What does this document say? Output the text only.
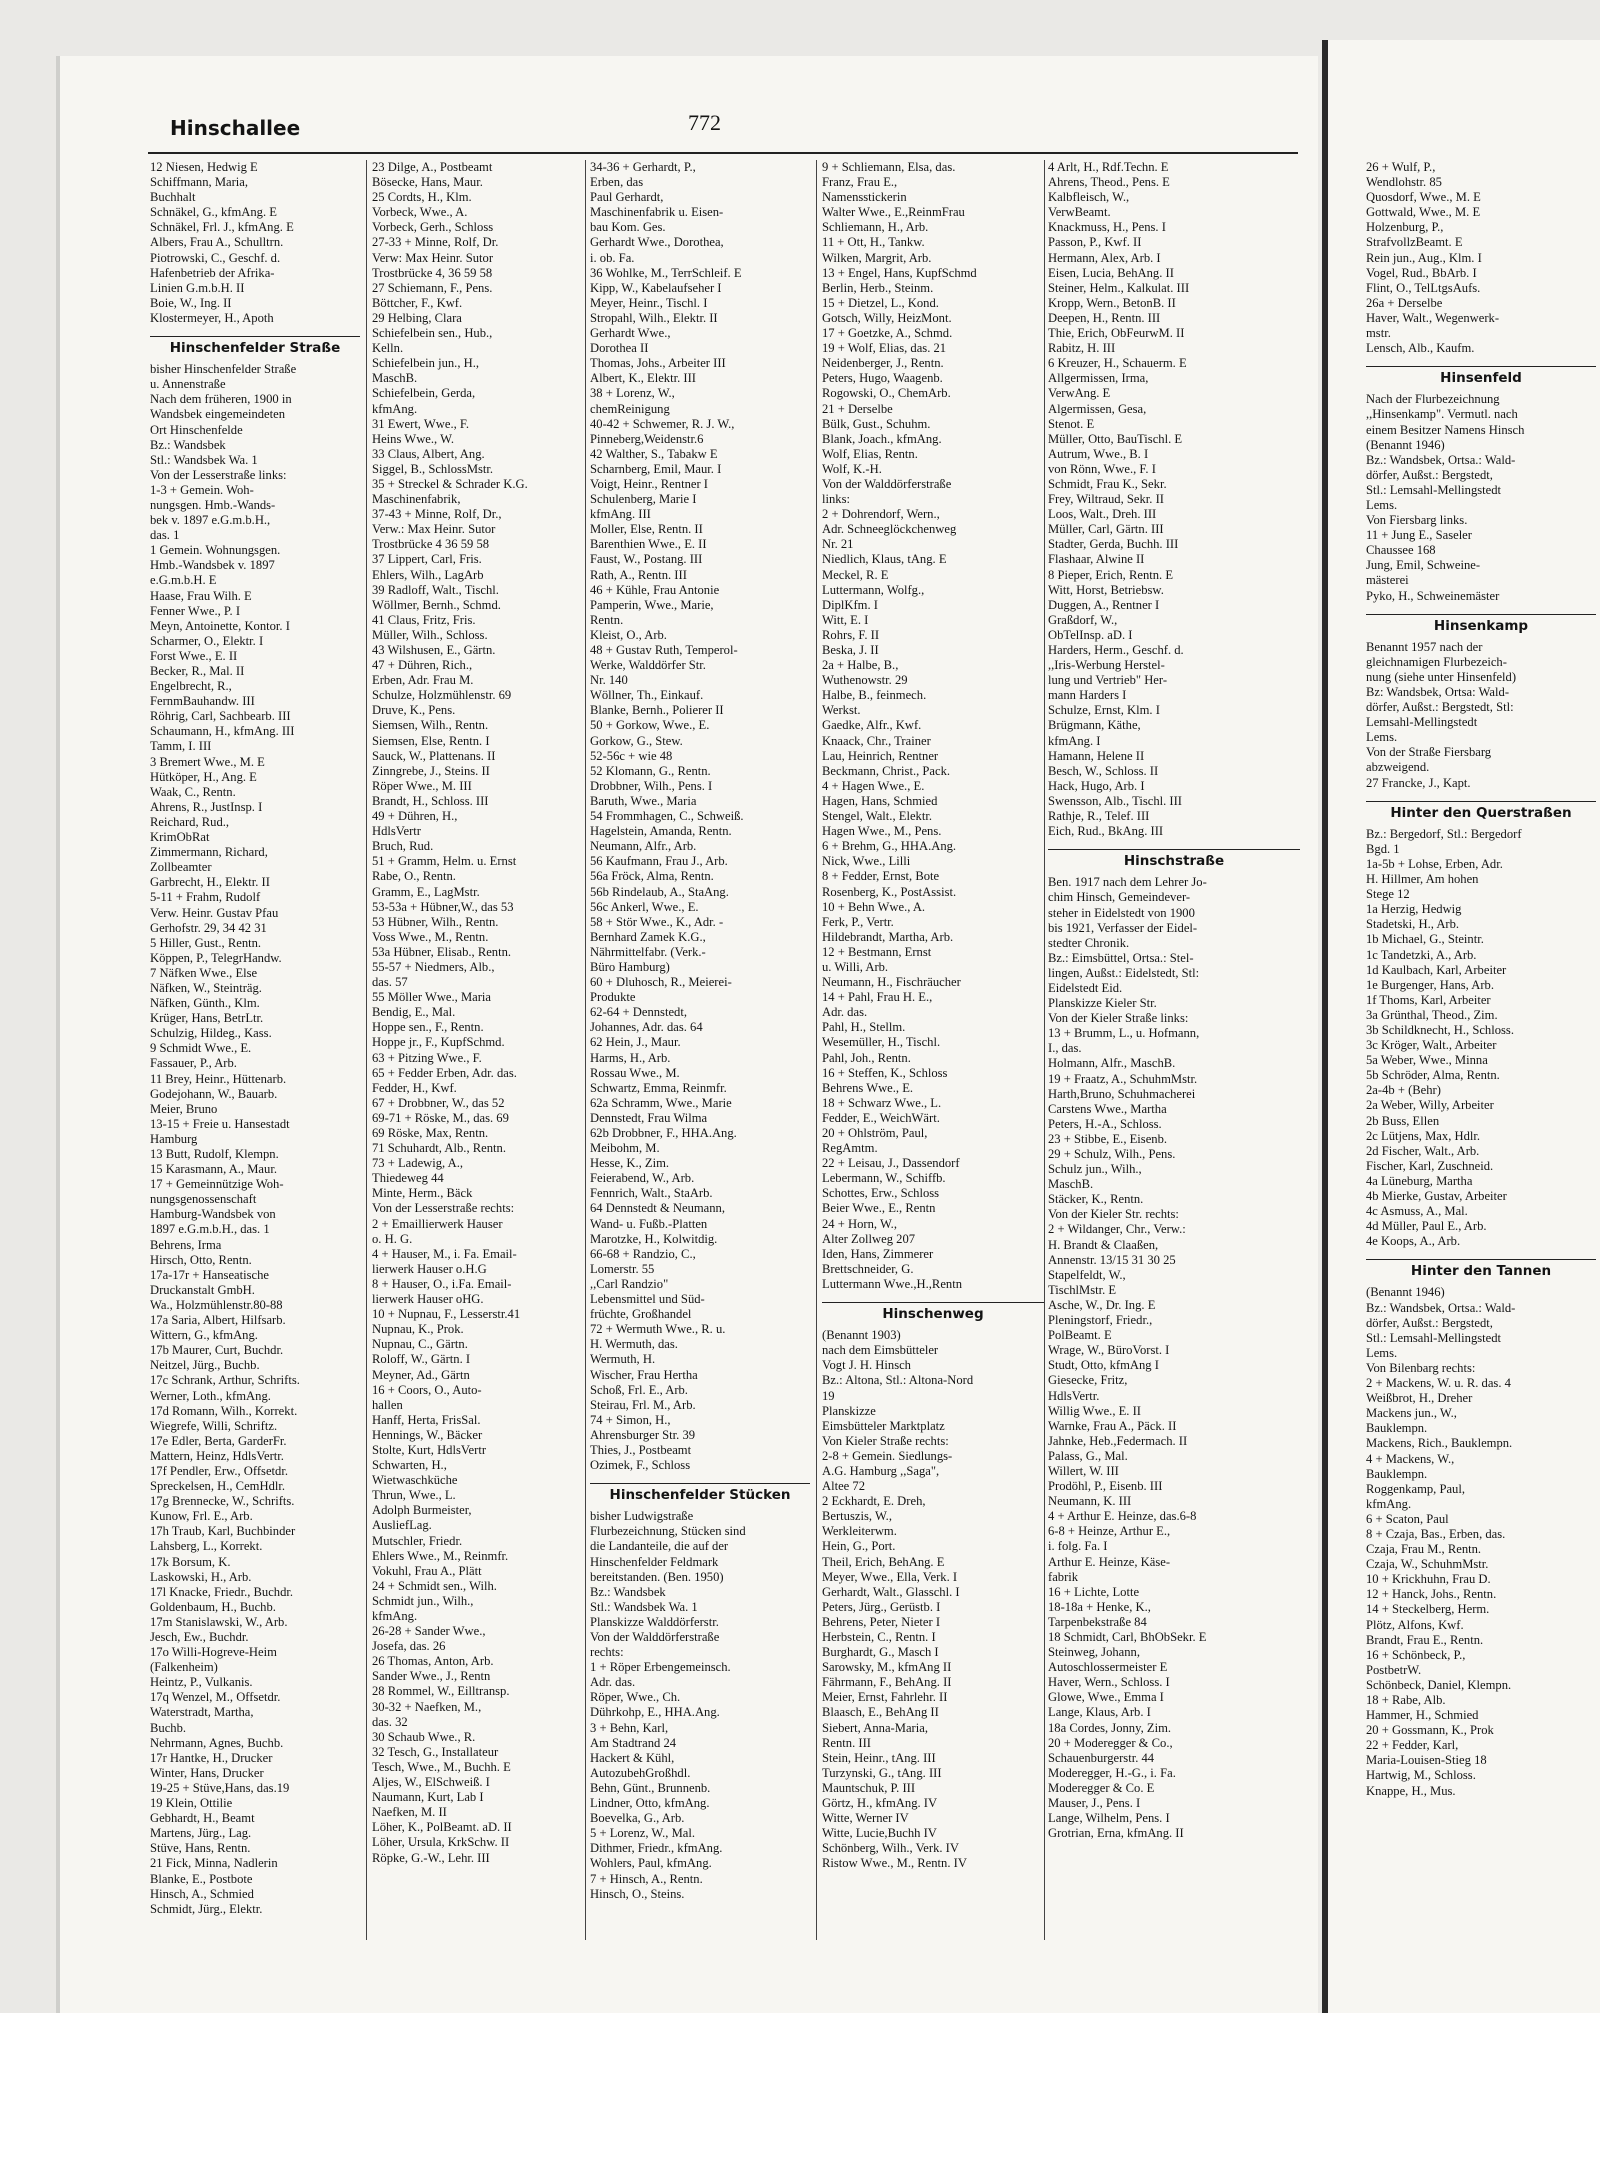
Hinschallee	772
12 Niesen, Hedwig E
Schiffmann, Maria,
Buchhalt
Schnäkel, G., kfmAng. E
Schnäkel, Frl. J., kfmAng. E
Albers, Frau A., Schulltrn.
Piotrowski, C., Geschf. d.
Hafenbetrieb der Afrika-
Linien G.m.b.H. II
Boie, W., Ing. II
Klostermeyer, H., Apoth
Hinschenfelder Straße
bisher Hinschenfelder Straße
u. Annenstraße
Nach dem früheren, 1900 in
Wandsbek eingemeindeten
Ort Hinschenfelde
Bz.: Wandsbek
Stl.: Wandsbek Wa. 1
Von der Lesserstraße links:
1-3 + Gemein. Woh-
nungsgen. Hmb.-Wands-
bek v. 1897 e.G.m.b.H.,
das. 1
1 Gemein. Wohnungsgen.
Hmb.-Wandsbek v. 1897
e.G.m.b.H. E
Haase, Frau Wilh. E
Fenner Wwe., P. I
Meyn, Antoinette, Kontor. I
Scharmer, O., Elektr. I
Forst Wwe., E. II
Becker, R., Mal. II
Engelbrecht, R.,
FernmBauhandw. III
Röhrig, Carl, Sachbearb. III
Schaumann, H., kfmAng. III
Tamm, I. III
3 Bremert Wwe., M. E
Hütköper, H., Ang. E
Waak, C., Rentn.
Ahrens, R., JustInsp. I
Reichard, Rud.,
KrimObRat
Zimmermann, Richard,
Zollbeamter
Garbrecht, H., Elektr. II
5-11 + Frahm, Rudolf
Verw. Heinr. Gustav Pfau
Gerhofstr. 29, 34 42 31
5 Hiller, Gust., Rentn.
Köppen, P., TelegrHandw.
7 Näfken Wwe., Else
Näfken, W., Steinträg.
Näfken, Günth., Klm.
Krüger, Hans, BetrLtr.
Schulzig, Hildeg., Kass.
9 Schmidt Wwe., E.
Fassauer, P., Arb.
11 Brey, Heinr., Hüttenarb.
Godejohann, W., Bauarb.
Meier, Bruno
13-15 + Freie u. Hansestadt
Hamburg
13 Butt, Rudolf, Klempn.
15 Karasmann, A., Maur.
17 + Gemeinnützige Woh-
nungsgenossenschaft
Hamburg-Wandsbek von
1897 e.G.m.b.H., das. 1
Behrens, Irma
Hirsch, Otto, Rentn.
17a-17r + Hanseatische
Druckanstalt GmbH.
Wa., Holzmühlenstr.80-88
17a Saria, Albert, Hilfsarb.
Wittern, G., kfmAng.
17b Maurer, Curt, Buchdr.
Neitzel, Jürg., Buchb.
17c Schrank, Arthur, Schrifts.
Werner, Loth., kfmAng.
17d Romann, Wilh., Korrekt.
Wiegrefe, Willi, Schriftz.
17e Edler, Berta, GarderFr.
Mattern, Heinz, HdlsVertr.
17f Pendler, Erw., Offsetdr.
Spreckelsen, H., CemHdlr.
17g Brennecke, W., Schrifts.
Kunow, Frl. E., Arb.
17h Traub, Karl, Buchbinder
Lahsberg, L., Korrekt.
17k Borsum, K.
Laskowski, H., Arb.
17l Knacke, Friedr., Buchdr.
Goldenbaum, H., Buchb.
17m Stanislawski, W., Arb.
Jesch, Ew., Buchdr.
17o Willi-Hogreve-Heim
(Falkenheim)
Heintz, P., Vulkanis.
17q Wenzel, M., Offsetdr.
Waterstradt, Martha,
Buchb.
Nehrmann, Agnes, Buchb.
17r Hantke, H., Drucker
Winter, Hans, Drucker
19-25 + Stüve,Hans, das.19
19 Klein, Ottilie
Gebhardt, H., Beamt
Martens, Jürg., Lag.
Stüve, Hans, Rentn.
21 Fick, Minna, Nadlerin
Blanke, E., Postbote
Hinsch, A., Schmied
Schmidt, Jürg., Elektr.
23 Dilge, A., Postbeamt
Bösecke, Hans, Maur.
25 Cordts, H., Klm.
Vorbeck, Wwe., A.
Vorbeck, Gerh., Schloss
27-33 + Minne, Rolf, Dr.
Verw: Max Heinr. Sutor
Trostbrücke 4, 36 59 58
27 Schiemann, F., Pens.
Böttcher, F., Kwf.
29 Helbing, Clara
Schiefelbein sen., Hub.,
Kelln.
Schiefelbein jun., H.,
MaschB.
Schiefelbein, Gerda,
kfmAng.
31 Ewert, Wwe., F.
Heins Wwe., W.
33 Claus, Albert, Ang.
Siggel, B., SchlossMstr.
35 + Streckel & Schrader K.G.
Maschinenfabrik,
37-43 + Minne, Rolf, Dr.,
Verw.: Max Heinr. Sutor
Trostbrücke 4 36 59 58
37 Lippert, Carl, Fris.
Ehlers, Wilh., LagArb
39 Radloff, Walt., Tischl.
Wöllmer, Bernh., Schmd.
41 Claus, Fritz, Fris.
Müller, Wilh., Schloss.
43 Wilshusen, E., Gärtn.
47 + Dühren, Rich.,
Erben, Adr. Frau M.
Schulze, Holzmühlenstr. 69
Druve, K., Pens.
Siemsen, Wilh., Rentn.
Siemsen, Else, Rentn. I
Sauck, W., Plattenans. II
Zinngrebe, J., Steins. II
Röper Wwe., M. III
Brandt, H., Schloss. III
49 + Dühren, H.,
HdlsVertr
Bruch, Rud.
51 + Gramm, Helm. u. Ernst
Rabe, O., Rentn.
Gramm, E., LagMstr.
53-53a + Hübner,W., das 53
53 Hübner, Wilh., Rentn.
Voss Wwe., M., Rentn.
53a Hübner, Elisab., Rentn.
55-57 + Niedmers, Alb.,
das. 57
55 Möller Wwe., Maria
Bendig, E., Mal.
Hoppe sen., F., Rentn.
Hoppe jr., F., KupfSchmd.
63 + Pitzing Wwe., F.
65 + Fedder Erben, Adr. das.
Fedder, H., Kwf.
67 + Drobbner, W., das 52
69-71 + Röske, M., das. 69
69 Röske, Max, Rentn.
71 Schuhardt, Alb., Rentn.
73 + Ladewig, A.,
Thiedeweg 44
Minte, Herm., Bäck
Von der Lesserstraße rechts:
2 + Emaillierwerk Hauser
o. H. G.
4 + Hauser, M., i. Fa. Email-
lierwerk Hauser o.H.G
8 + Hauser, O., i.Fa. Email-
lierwerk Hauser oHG.
10 + Nupnau, F., Lesserstr.41
Nupnau, K., Prok.
Nupnau, C., Gärtn.
Roloff, W., Gärtn. I
Meyner, Ad., Gärtn
16 + Coors, O., Auto-
hallen
Hanff, Herta, FrisSal.
Hennings, W., Bäcker
Stolte, Kurt, HdlsVertr
Schwarten, H.,
Wietwaschküche
Thrun, Wwe., L.
Adolph Burmeister,
AusliefLag.
Mutschler, Friedr.
Ehlers Wwe., M., Reinmfr.
Vokuhl, Frau A., Plätt
24 + Schmidt sen., Wilh.
Schmidt jun., Wilh.,
kfmAng.
26-28 + Sander Wwe.,
Josefa, das. 26
26 Thomas, Anton, Arb.
Sander Wwe., J., Rentn
28 Rommel, W., Eilltransp.
30-32 + Naefken, M.,
das. 32
30 Schaub Wwe., R.
32 Tesch, G., Installateur
Tesch, Wwe., M., Buchh. E
Aljes, W., ElSchweiß. I
Naumann, Kurt, Lab I
Naefken, M. II
Löher, K., PolBeamt. aD. II
Löher, Ursula, KrkSchw. II
Röpke, G.-W., Lehr. III
34-36 + Gerhardt, P.,
Erben, das
Paul Gerhardt,
Maschinenfabrik u. Eisen-
bau Kom. Ges.
Gerhardt Wwe., Dorothea,
i. ob. Fa.
36 Wohlke, M., TerrSchleif. E
Kipp, W., Kabelaufseher I
Meyer, Heinr., Tischl. I
Stropahl, Wilh., Elektr. II
Gerhardt Wwe.,
Dorothea II
Thomas, Johs., Arbeiter III
Albert, K., Elektr. III
38 + Lorenz, W.,
chemReinigung
40-42 + Schwemer, R. J. W.,
Pinneberg,Weidenstr.6
42 Walther, S., Tabakw E
Scharnberg, Emil, Maur. I
Voigt, Heinr., Rentner I
Schulenberg, Marie I
kfmAng. III
Moller, Else, Rentn. II
Barenthien Wwe., E. II
Faust, W., Postang. III
Rath, A., Rentn. III
46 + Kühle, Frau Antonie
Pamperin, Wwe., Marie,
Rentn.
Kleist, O., Arb.
48 + Gustav Ruth, Temperol-
Werke, Walddörfer Str.
Nr. 140
Wöllner, Th., Einkauf.
Blanke, Bernh., Polierer II
50 + Gorkow, Wwe., E.
Gorkow, G., Stew.
52-56c + wie 48
52 Klomann, G., Rentn.
Drobbner, Wilh., Pens. I
Baruth, Wwe., Maria
54 Frommhagen, C., Schweiß.
Hagelstein, Amanda, Rentn.
Neumann, Alfr., Arb.
56 Kaufmann, Frau J., Arb.
56a Fröck, Alma, Rentn.
56b Rindelaub, A., StaAng.
56c Ankerl, Wwe., E.
58 + Stör Wwe., K., Adr. -
Bernhard Zamek K.G.,
Nährmittelfabr. (Verk.-
Büro Hamburg)
60 + Dluhosch, R., Meierei-
Produkte
62-64 + Dennstedt,
Johannes, Adr. das. 64
62 Hein, J., Maur.
Harms, H., Arb.
Rossau Wwe., M.
Schwartz, Emma, Reinmfr.
62a Schramm, Wwe., Marie
Dennstedt, Frau Wilma
62b Drobbner, F., HHA.Ang.
Meibohm, M.
Hesse, K., Zim.
Feierabend, W., Arb.
Fennrich, Walt., StaArb.
64 Dennstedt & Neumann,
Wand- u. Fußb.-Platten
Marotzke, H., Kolwitdig.
66-68 + Randzio, C.,
Lomerstr. 55
,,Carl Randzio"
Lebensmittel und Süd-
früchte, Großhandel
72 + Wermuth Wwe., R. u.
H. Wermuth, das.
Wermuth, H.
Wischer, Frau Hertha
Schoß, Frl. E., Arb.
Steirau, Frl. M., Arb.
74 + Simon, H.,
Ahrensburger Str. 39
Thies, J., Postbeamt
Ozimek, F., Schloss
Hinschenfelder Stücken
bisher Ludwigstraße
Flurbezeichnung, Stücken sind
die Landanteile, die auf der
Hinschenfelder Feldmark
bereitstanden. (Ben. 1950)
Bz.: Wandsbek
Stl.: Wandsbek Wa. 1
Planskizze Walddörferstr.
Von der Walddörferstraße
rechts:
1 + Röper Erbengemeinsch.
Adr. das.
Röper, Wwe., Ch.
Dührkohp, E., HHA.Ang.
3 + Behn, Karl,
Am Stadtrand 24
Hackert & Kühl,
AutozubehGroßhdl.
Behn, Günt., Brunnenb.
Lindner, Otto, kfmAng.
Boevelka, G., Arb.
5 + Lorenz, W., Mal.
Dithmer, Friedr., kfmAng.
Wohlers, Paul, kfmAng.
7 + Hinsch, A., Rentn.
Hinsch, O., Steins.
9 + Schliemann, Elsa, das.
Franz, Frau E.,
Namensstickerin
Walter Wwe., E.,ReinmFrau
Schliemann, H., Arb.
11 + Ott, H., Tankw.
Wilken, Margrit, Arb.
13 + Engel, Hans, KupfSchmd
Berlin, Herb., Steinm.
15 + Dietzel, L., Kond.
Gotsch, Willy, HeizMont.
17 + Goetzke, A., Schmd.
19 + Wolf, Elias, das. 21
Neidenberger, J., Rentn.
Peters, Hugo, Waagenb.
Rogowski, O., ChemArb.
21 + Derselbe
Bülk, Gust., Schuhm.
Blank, Joach., kfmAng.
Wolf, Elias, Rentn.
Wolf, K.-H.
Von der Walddörferstraße
links:
2 + Dohrendorf, Wern.,
Adr. Schneeglöckchenweg
Nr. 21
Niedlich, Klaus, tAng. E
Meckel, R. E
Luttermann, Wolfg.,
DiplKfm. I
Witt, E. I
Rohrs, F. II
Beska, J. II
2a + Halbe, B.,
Wuthenowstr. 29
Halbe, B., feinmech.
Werkst.
Gaedke, Alfr., Kwf.
Knaack, Chr., Trainer
Lau, Heinrich, Rentner
Beckmann, Christ., Pack.
4 + Hagen Wwe., E.
Hagen, Hans, Schmied
Stengel, Walt., Elektr.
Hagen Wwe., M., Pens.
6 + Brehm, G., HHA.Ang.
Nick, Wwe., Lilli
8 + Fedder, Ernst, Bote
Rosenberg, K., PostAssist.
10 + Behn Wwe., A.
Ferk, P., Vertr.
Hildebrandt, Martha, Arb.
12 + Bestmann, Ernst
u. Willi, Arb.
Neumann, H., Fischräucher
14 + Pahl, Frau H. E.,
Adr. das.
Pahl, H., Stellm.
Wesemüller, H., Tischl.
Pahl, Joh., Rentn.
16 + Steffen, K., Schloss
Behrens Wwe., E.
18 + Schwarz Wwe., L.
Fedder, E., WeichWärt.
20 + Ohlström, Paul,
RegAmtm.
22 + Leisau, J., Dassendorf
Lebermann, W., Schiffb.
Schottes, Erw., Schloss
Beier Wwe., E., Rentn
24 + Horn, W.,
Alter Zollweg 207
Iden, Hans, Zimmerer
Brettschneider, G.
Luttermann Wwe.,H.,Rentn
Hinschenweg
(Benannt 1903)
nach dem Eimsbütteler
Vogt J. H. Hinsch
Bz.: Altona, Stl.: Altona-Nord
19
Planskizze
Eimsbütteler Marktplatz
Von Kieler Straße rechts:
2-8 + Gemein. Siedlungs-
A.G. Hamburg ,,Saga",
Altee 72
2 Eckhardt, E. Dreh,
Bertuszis, W.,
Werkleiterwm.
Hein, G., Port.
Theil, Erich, BehAng. E
Meyer, Wwe., Ella, Verk. I
Gerhardt, Walt., Glasschl. I
Peters, Jürg., Gerüstb. I
Behrens, Peter, Nieter I
Herbstein, C., Rentn. I
Burghardt, G., Masch I
Sarowsky, M., kfmAng II
Fährmann, F., BehAng. II
Meier, Ernst, Fahrlehr. II
Blaasch, E., BehAng II
Siebert, Anna-Maria,
Rentn. III
Stein, Heinr., tAng. III
Turzynski, G., tAng. III
Mauntschuk, P. III
Görtz, H., kfmAng. IV
Witte, Werner IV
Witte, Lucie,Buchh IV
Schönberg, Wilh., Verk. IV
Ristow Wwe., M., Rentn. IV
4 Arlt, H., Rdf.Techn. E
Ahrens, Theod., Pens. E
Kalbfleisch, W.,
VerwBeamt.
Knackmuss, H., Pens. I
Passon, P., Kwf. II
Hermann, Alex, Arb. I
Eisen, Lucia, BehAng. II
Steiner, Helm., Kalkulat. III
Kropp, Wern., BetonB. II
Deepen, H., Rentn. III
Thie, Erich, ObFeurwM. II
Rabitz, H. III
6 Kreuzer, H., Schauerm. E
Allgermissen, Irma,
VerwAng. E
Algermissen, Gesa,
Stenot. E
Müller, Otto, BauTischl. E
Autrum, Wwe., B. I
von Rönn, Wwe., F. I
Schmidt, Frau K., Sekr.
Frey, Wiltraud, Sekr. II
Loos, Walt., Dreh. III
Müller, Carl, Gärtn. III
Stadter, Gerda, Buchh. III
Flashaar, Alwine II
8 Pieper, Erich, Rentn. E
Witt, Horst, Betriebsw.
Duggen, A., Rentner I
Graßdorf, W.,
ObTelInsp. aD. I
Harders, Herm., Geschf. d.
,,Iris-Werbung Herstel-
lung und Vertrieb" Her-
mann Harders I
Schulze, Ernst, Klm. I
Brügmann, Käthe,
kfmAng. I
Hamann, Helene II
Besch, W., Schloss. II
Hack, Hugo, Arb. I
Swensson, Alb., Tischl. III
Rathje, R., Telef. III
Eich, Rud., BkAng. III
Hinschstraße
Ben. 1917 nach dem Lehrer Jo-
chim Hinsch, Gemeindever-
steher in Eidelstedt von 1900
bis 1921, Verfasser der Eidel-
stedter Chronik.
Bz.: Eimsbüttel, Ortsa.: Stel-
lingen, Außst.: Eidelstedt, Stl:
Eidelstedt Eid.
Planskizze Kieler Str.
Von der Kieler Straße links:
13 + Brumm, L., u. Hofmann,
I., das.
Holmann, Alfr., MaschB.
19 + Fraatz, A., SchuhmMstr.
Harth,Bruno, Schuhmacherei
Carstens Wwe., Martha
Peters, H.-A., Schloss.
23 + Stibbe, E., Eisenb.
29 + Schulz, Wilh., Pens.
Schulz jun., Wilh.,
MaschB.
Stäcker, K., Rentn.
Von der Kieler Str. rechts:
2 + Wildanger, Chr., Verw.:
H. Brandt & Claaßen,
Annenstr. 13/15 31 30 25
Stapelfeldt, W.,
TischlMstr. E
Asche, W., Dr. Ing. E
Pleningstorf, Friedr.,
PolBeamt. E
Wrage, W., BüroVorst. I
Studt, Otto, kfmAng I
Giesecke, Fritz,
HdlsVertr.
Willig Wwe., E. II
Warnke, Frau A., Päck. II
Jahnke, Heb.,Federmach. II
Palass, G., Mal.
Willert, W. III
Prodöhl, P., Eisenb. III
Neumann, K. III
4 + Arthur E. Heinze, das.6-8
6-8 + Heinze, Arthur E.,
i. folg. Fa. I
Arthur E. Heinze, Käse-
fabrik
16 + Lichte, Lotte
18-18a + Henke, K.,
Tarpenbekstraße 84
18 Schmidt, Carl, BhObSekr. E
Steinweg, Johann,
Autoschlossermeister E
Haver, Wern., Schloss. I
Glowe, Wwe., Emma I
Lange, Klaus, Arb. I
18a Cordes, Jonny, Zim.
20 + Moderegger & Co.,
Schauenburgerstr. 44
Moderegger, H.-G., i. Fa.
Moderegger & Co. E
Mauser, J., Pens. I
Lange, Wilhelm, Pens. I
Grotrian, Erna, kfmAng. II
26 + Wulf, P.,
Wendlohstr. 85
Quosdorf, Wwe., M. E
Gottwald, Wwe., M. E
Holzenburg, P.,
StrafvollzBeamt. E
Rein jun., Aug., Klm. I
Vogel, Rud., BbArb. I
Flint, O., TelLtgsAufs.
26a + Derselbe
Haver, Walt., Wegenwerk-
mstr.
Lensch, Alb., Kaufm.
Hinsenfeld
Nach der Flurbezeichnung
,,Hinsenkamp". Vermutl. nach
einem Besitzer Namens Hinsch
(Benannt 1946)
Bz.: Wandsbek, Ortsa.: Wald-
dörfer, Außst.: Bergstedt,
Stl.: Lemsahl-Mellingstedt
Lems.
Von Fiersbarg links.
11 + Jung E., Saseler
Chaussee 168
Jung, Emil, Schweine-
mästerei
Pyko, H., Schweinemäster
Hinsenkamp
Benannt 1957 nach der
gleichnamigen Flurbezeich-
nung (siehe unter Hinsenfeld)
Bz: Wandsbek, Ortsa: Wald-
dörfer, Außst.: Bergstedt, Stl:
Lemsahl-Mellingstedt
Lems.
Von der Straße Fiersbarg
abzweigend.
27 Francke, J., Kapt.
Hinter den Querstraßen
Bz.: Bergedorf, Stl.: Bergedorf
Bgd. 1
1a-5b + Lohse, Erben, Adr.
H. Hillmer, Am hohen
Stege 12
1a Herzig, Hedwig
Stadetski, H., Arb.
1b Michael, G., Steintr.
1c Tandetzki, A., Arb.
1d Kaulbach, Karl, Arbeiter
1e Burgenger, Hans, Arb.
1f Thoms, Karl, Arbeiter
3a Grünthal, Theod., Zim.
3b Schildknecht, H., Schloss.
3c Kröger, Walt., Arbeiter
5a Weber, Wwe., Minna
5b Schröder, Alma, Rentn.
2a-4b + (Behr)
2a Weber, Willy, Arbeiter
2b Buss, Ellen
2c Lütjens, Max, Hdlr.
2d Fischer, Walt., Arb.
Fischer, Karl, Zuschneid.
4a Lüneburg, Martha
4b Mierke, Gustav, Arbeiter
4c Asmuss, A., Mal.
4d Müller, Paul E., Arb.
4e Koops, A., Arb.
Hinter den Tannen
(Benannt 1946)
Bz.: Wandsbek, Ortsa.: Wald-
dörfer, Außst.: Bergstedt,
Stl.: Lemsahl-Mellingstedt
Lems.
Von Bilenbarg rechts:
2 + Mackens, W. u. R. das. 4
Weißbrot, H., Dreher
Mackens jun., W.,
Bauklempn.
Mackens, Rich., Bauklempn.
4 + Mackens, W.,
Bauklempn.
Roggenkamp, Paul,
kfmAng.
6 + Scaton, Paul
8 + Czaja, Bas., Erben, das.
Czaja, Frau M., Rentn.
Czaja, W., SchuhmMstr.
10 + Krickhuhn, Frau D.
12 + Hanck, Johs., Rentn.
14 + Steckelberg, Herm.
Plötz, Alfons, Kwf.
Brandt, Frau E., Rentn.
16 + Schönbeck, P.,
PostbetrW.
Schönbeck, Daniel, Klempn.
18 + Rabe, Alb.
Hammer, H., Schmied
20 + Gossmann, K., Prok
22 + Fedder, Karl,
Maria-Louisen-Stieg 18
Hartwig, M., Schloss.
Knappe, H., Mus.
